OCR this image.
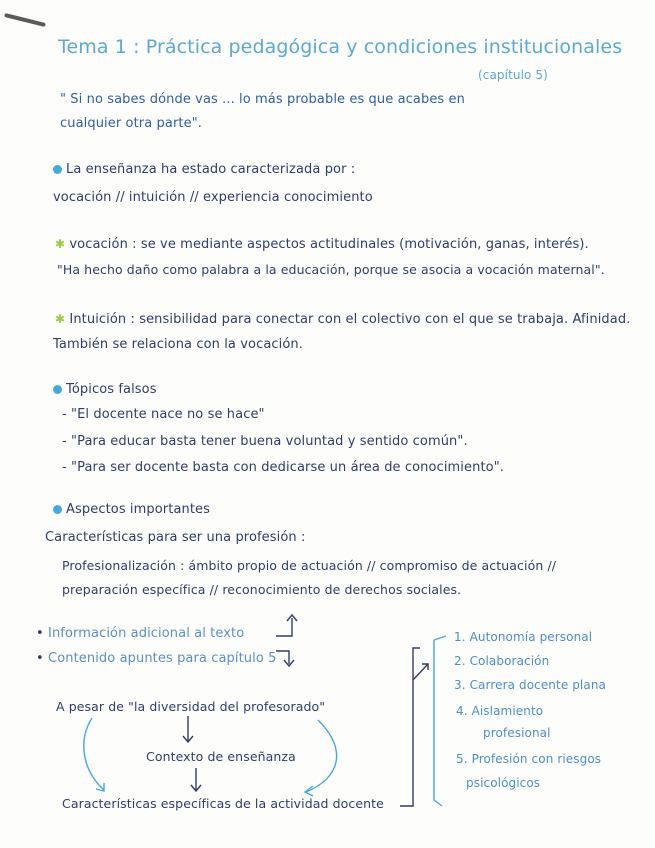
Tema 1 : Práctica pedagógica y condiciones institucionales
(capítulo 5)
" Si no sabes dónde vas ... lo más probable es que acabes en
cualquier otra parte".
La enseñanza ha estado caracterizada por :
vocación // intuición // experiencia conocimiento
✱ vocación : se ve mediante aspectos actitudinales (motivación, ganas, interés).
"Ha hecho daño como palabra a la educación, porque se asocia a vocación maternal".
✱ Intuición : sensibilidad para conectar con el colectivo con el que se trabaja. Afinidad.
También se relaciona con la vocación.
Tópicos falsos
- "El docente nace no se hace"
- "Para educar basta tener buena voluntad y sentido común".
- "Para ser docente basta con dedicarse un área de conocimiento".
Aspectos importantes
Características para ser una profesión :
Profesionalización : ámbito propio de actuación // compromiso de actuación //
preparación específica // reconocimiento de derechos sociales.
• Información adicional al texto
• Contenido apuntes para capítulo 5
A pesar de "la diversidad del profesorado"
Contexto de enseñanza
Características específicas de la actividad docente
1. Autonomía personal
2. Colaboración
3. Carrera docente plana
4. Aislamiento
profesional
5. Profesión con riesgos
psicológicos
